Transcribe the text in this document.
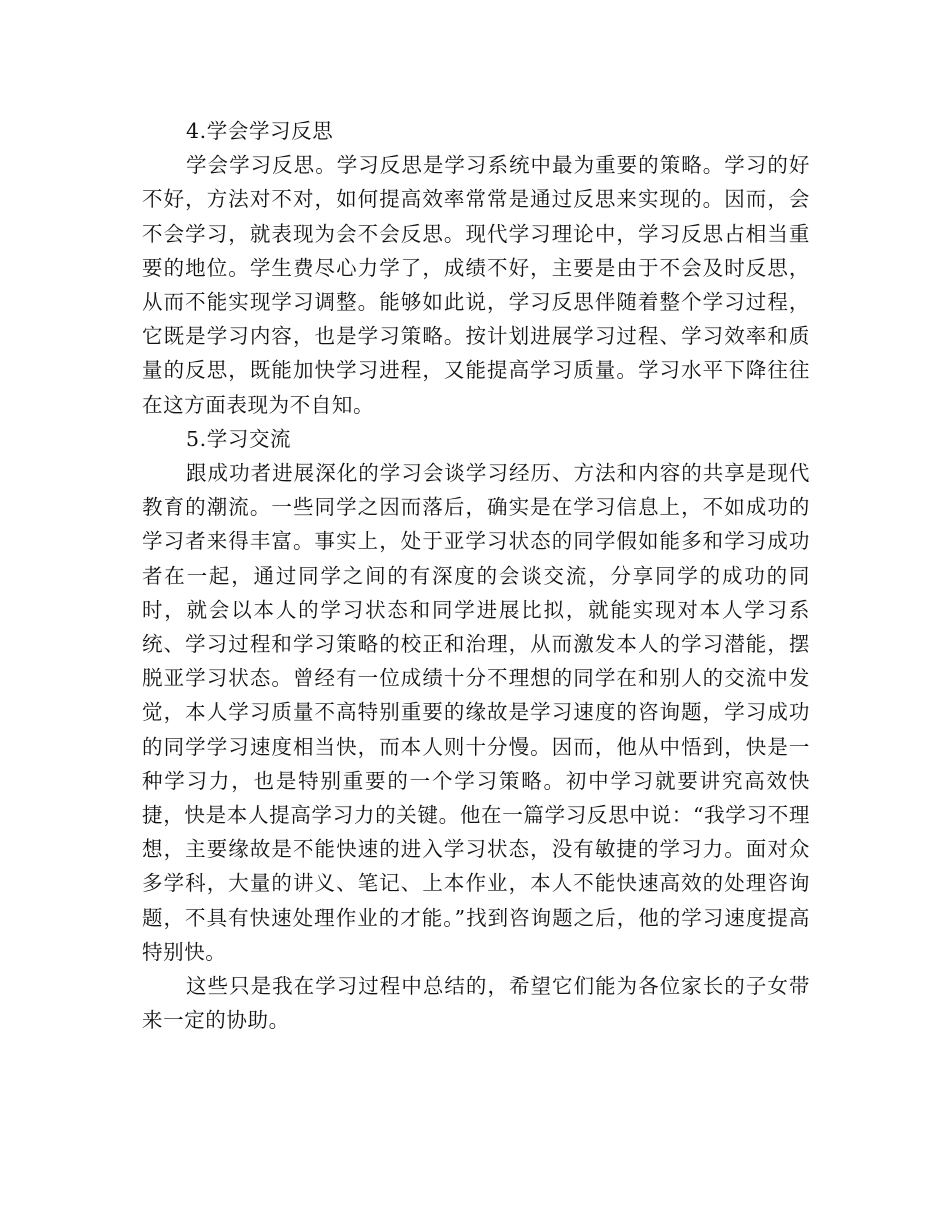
4.学会学习反思

学会学习反思。学习反思是学习系统中最为重要的策略。学习的好不好，方法对不对，如何提高效率常常是通过反思来实现的。因而，会不会学习，就表现为会不会反思。现代学习理论中，学习反思占相当重要的地位。学生费尽心力学了，成绩不好，主要是由于不会及时反思，从而不能实现学习调整。能够如此说，学习反思伴随着整个学习过程，它既是学习内容，也是学习策略。按计划进展学习过程、学习效率和质量的反思，既能加快学习进程，又能提高学习质量。学习水平下降往往在这方面表现为不自知。

5.学习交流

跟成功者进展深化的学习会谈学习经历、方法和内容的共享是现代教育的潮流。一些同学之因而落后，确实是在学习信息上，不如成功的学习者来得丰富。事实上，处于亚学习状态的同学假如能多和学习成功者在一起，通过同学之间的有深度的会谈交流，分享同学的成功的同时，就会以本人的学习状态和同学进展比拟，就能实现对本人学习系统、学习过程和学习策略的校正和治理，从而激发本人的学习潜能，摆脱亚学习状态。曾经有一位成绩十分不理想的同学在和别人的交流中发觉，本人学习质量不高特别重要的缘故是学习速度的咨询题，学习成功的同学学习速度相当快，而本人则十分慢。因而，他从中悟到，快是一种学习力，也是特别重要的一个学习策略。初中学习就要讲究高效快捷，快是本人提高学习力的关键。他在一篇学习反思中说：“我学习不理想，主要缘故是不能快速的进入学习状态，没有敏捷的学习力。面对众多学科，大量的讲义、笔记、上本作业，本人不能快速高效的处理咨询题，不具有快速处理作业的才能。”找到咨询题之后，他的学习速度提高特别快。

这些只是我在学习过程中总结的，希望它们能为各位家长的子女带来一定的协助。
